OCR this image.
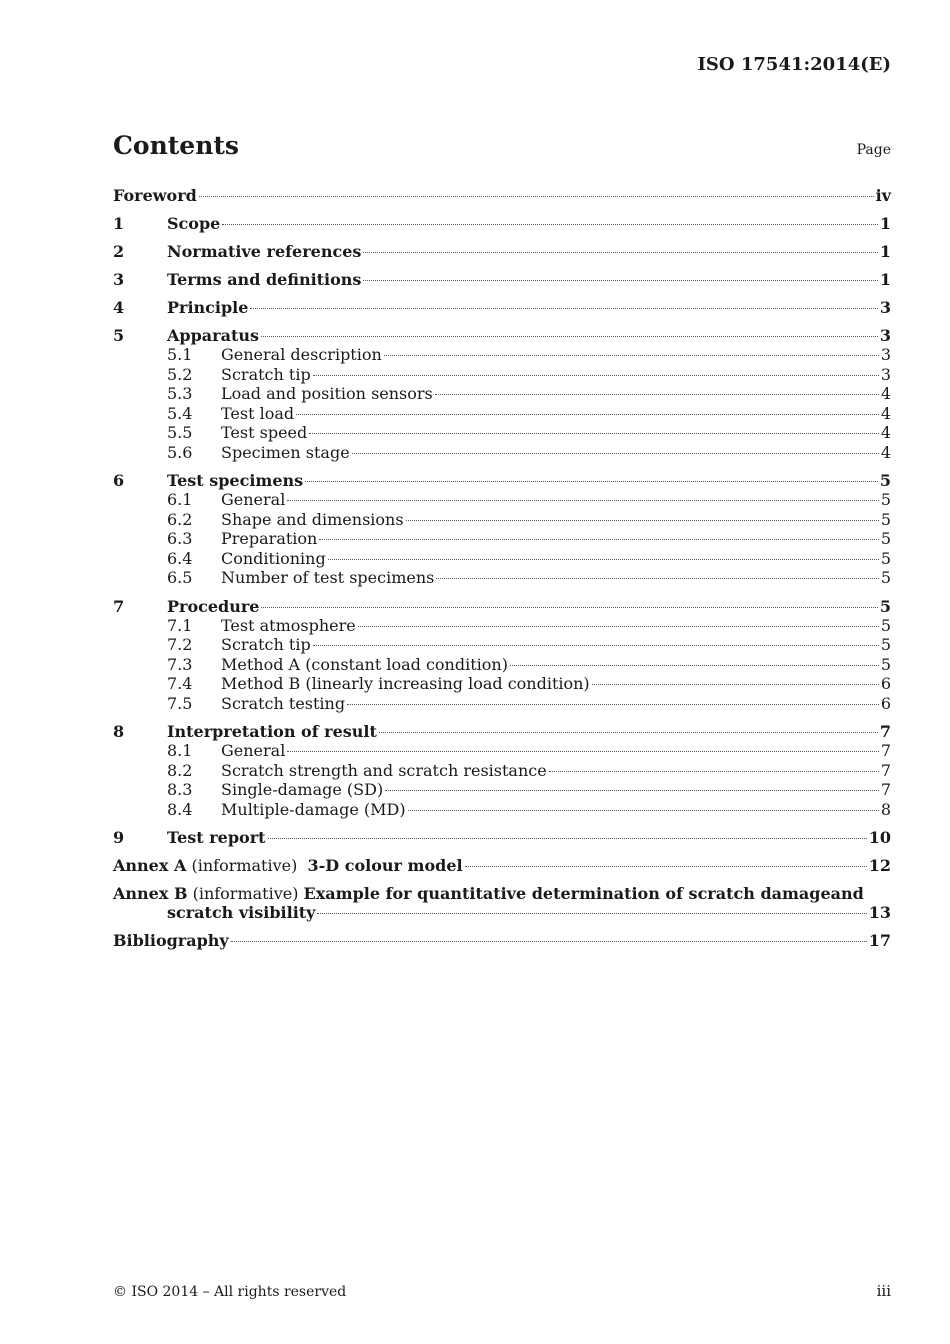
ISO 17541:2014(E)
Contents	Page
Foreword	iv
1	Scope	1
2	Normative references	1
3	Terms and definitions	1
4	Principle	3
5	Apparatus	3
5.1	General description	3
5.2	Scratch tip	3
5.3	Load and position sensors	4
5.4	Test load	4
5.5	Test speed	4
5.6	Specimen stage	4
6	Test specimens	5
6.1	General	5
6.2	Shape and dimensions	5
6.3	Preparation	5
6.4	Conditioning	5
6.5	Number of test specimens	5
7	Procedure	5
7.1	Test atmosphere	5
7.2	Scratch tip	5
7.3	Method A (constant load condition)	5
7.4	Method B (linearly increasing load condition)	6
7.5	Scratch testing	6
8	Interpretation of result	7
8.1	General	7
8.2	Scratch strength and scratch resistance	7
8.3	Single-damage (SD)	7
8.4	Multiple-damage (MD)	8
9	Test report	10
Annex A (informative)  3-D colour model	12
Annex B (informative) Example for quantitative determination of scratch damageand
scratch visibility	13
Bibliography	17
© ISO 2014 – All rights reserved	iii
